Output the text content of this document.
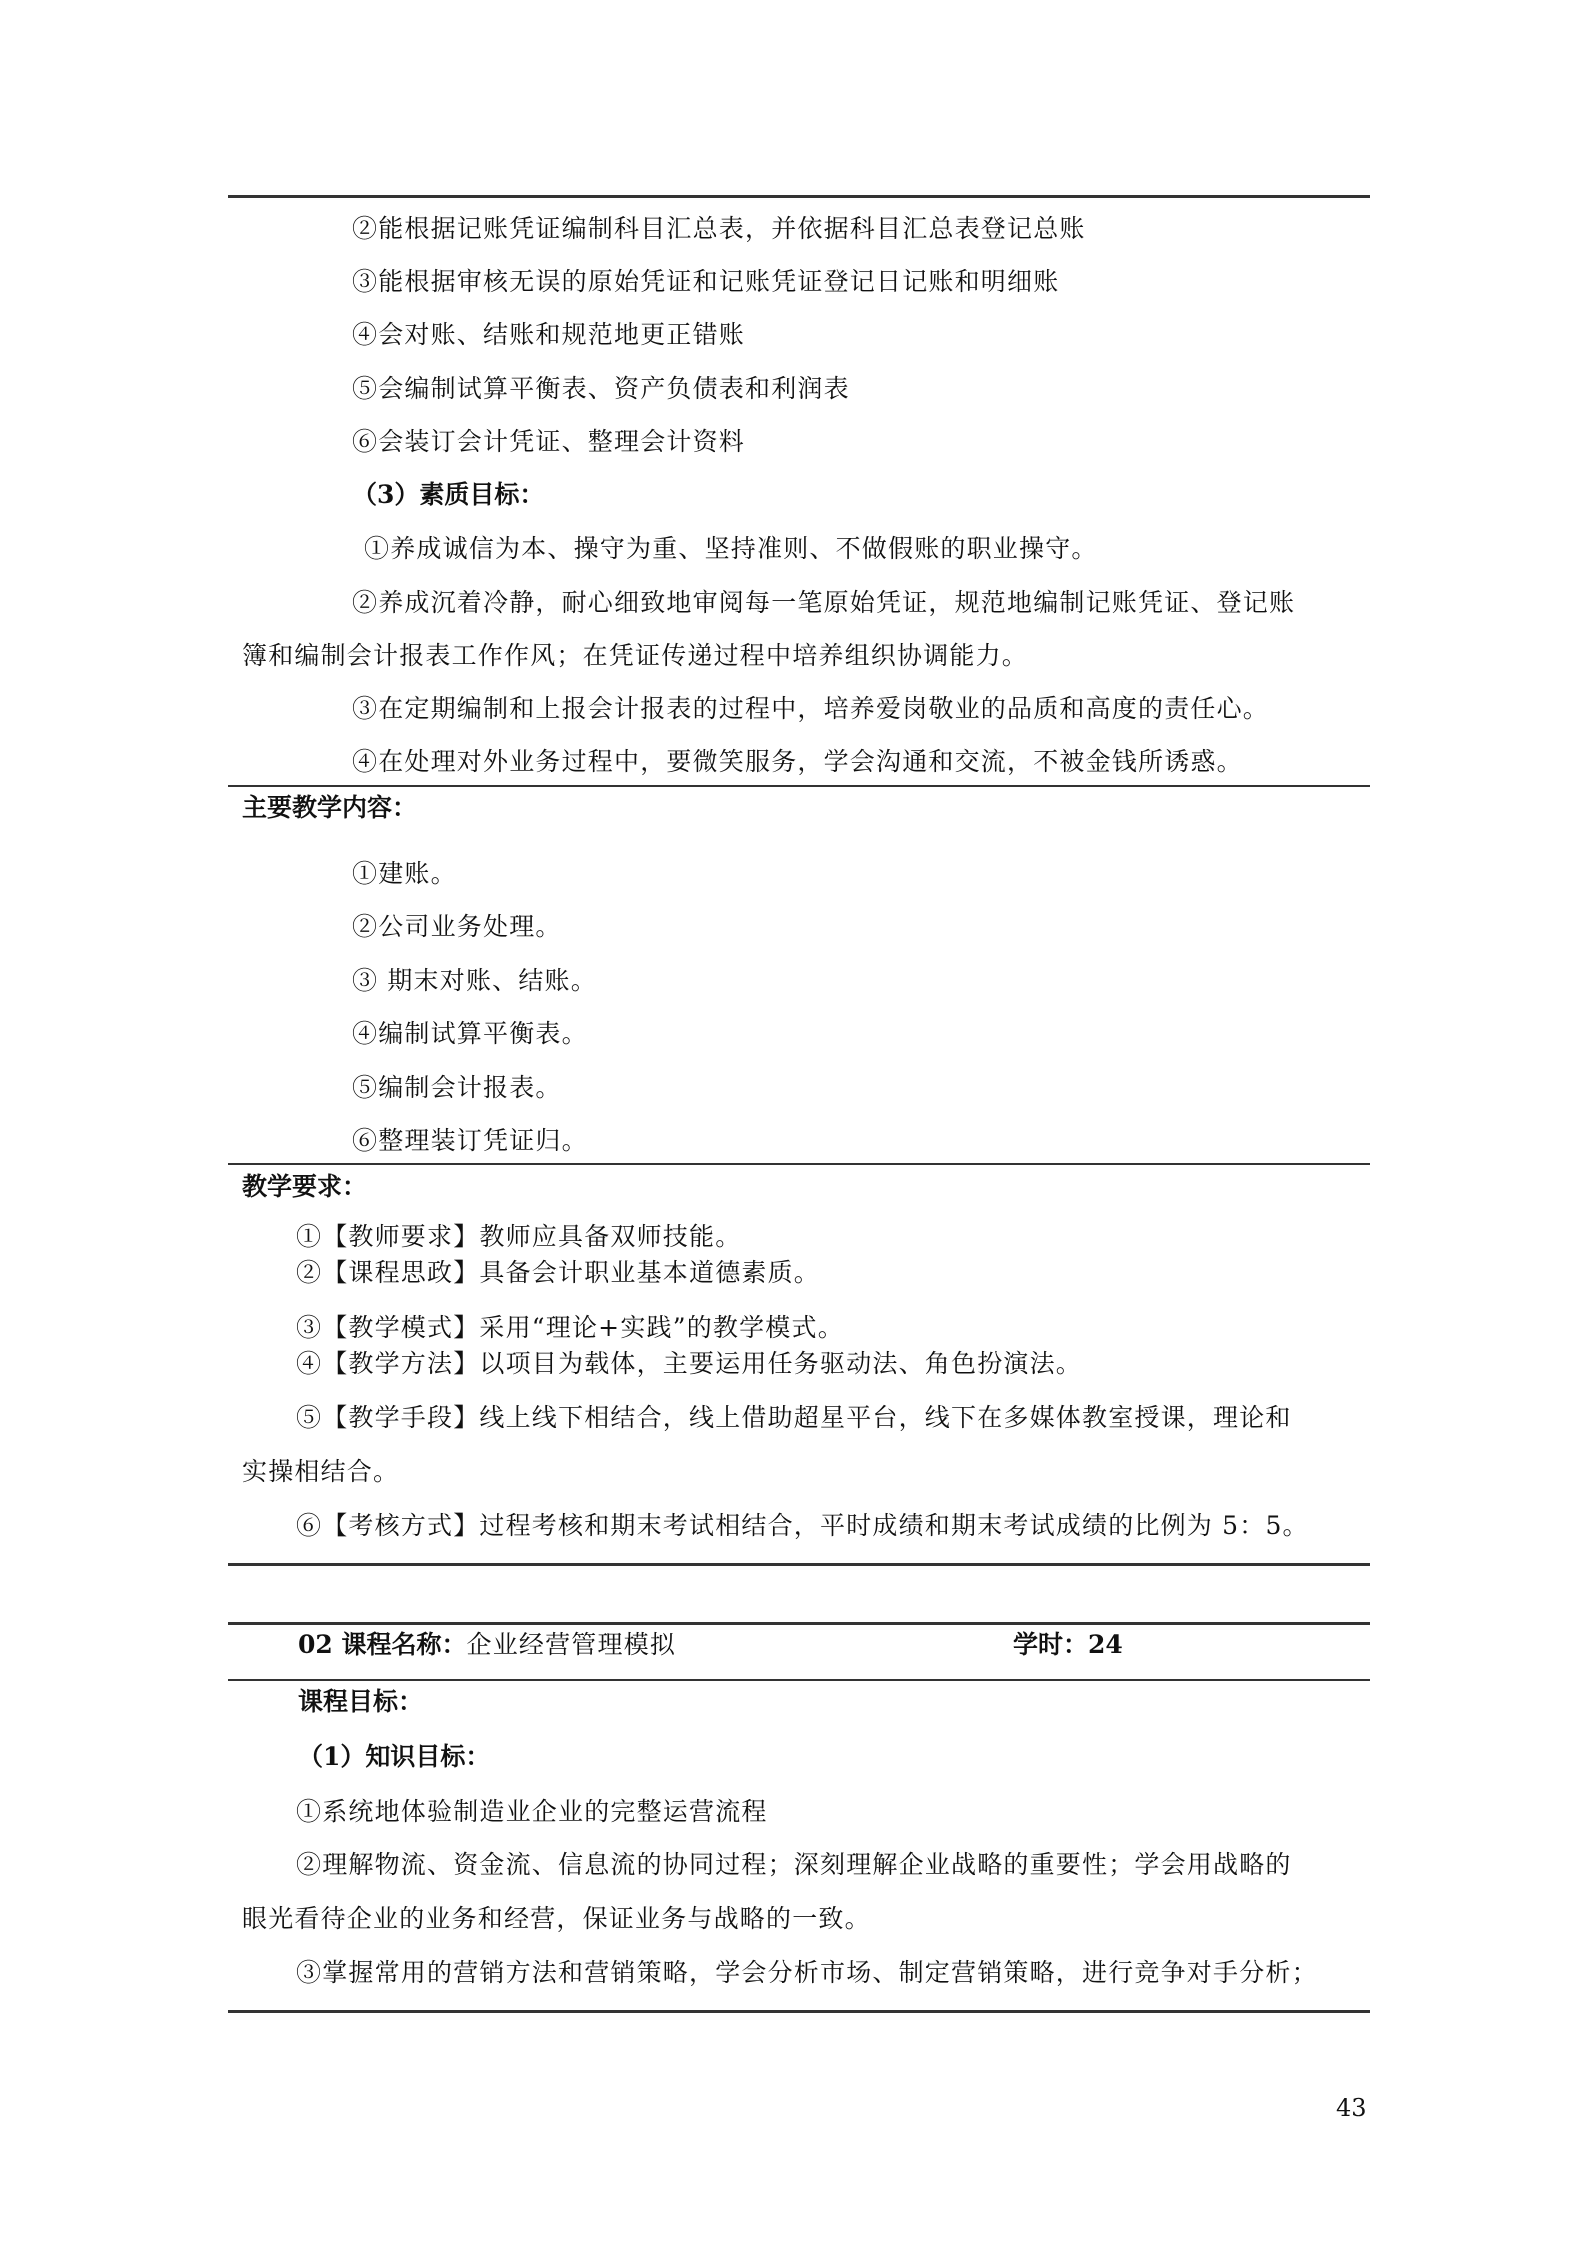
②能根据记账凭证编制科目汇总表，并依据科目汇总表登记总账
③能根据审核无误的原始凭证和记账凭证登记日记账和明细账
④会对账、结账和规范地更正错账
⑤会编制试算平衡表、资产负债表和利润表
⑥会装订会计凭证、整理会计资料
（3）素质目标：
①养成诚信为本、操守为重、坚持准则、不做假账的职业操守。
②养成沉着冷静，耐心细致地审阅每一笔原始凭证，规范地编制记账凭证、登记账
簿和编制会计报表工作作风；在凭证传递过程中培养组织协调能力。
③在定期编制和上报会计报表的过程中，培养爱岗敬业的品质和高度的责任心。
④在处理对外业务过程中，要微笑服务，学会沟通和交流，不被金钱所诱惑。
主要教学内容：
①建账。
②公司业务处理。
③ 期末对账、结账。
④编制试算平衡表。
⑤编制会计报表。
⑥整理装订凭证归。
教学要求：
①【教师要求】教师应具备双师技能。
②【课程思政】具备会计职业基本道德素质。
③【教学模式】采用“理论+实践”的教学模式。
④【教学方法】以项目为载体，主要运用任务驱动法、角色扮演法。
⑤【教学手段】线上线下相结合，线上借助超星平台，线下在多媒体教室授课，理论和
实操相结合。
⑥【考核方式】过程考核和期末考试相结合，平时成绩和期末考试成绩的比例为 5：5。
02 课程名称：企业经营管理模拟	学时：24
课程目标：
（1）知识目标：
①系统地体验制造业企业的完整运营流程
②理解物流、资金流、信息流的协同过程；深刻理解企业战略的重要性；学会用战略的
眼光看待企业的业务和经营，保证业务与战略的一致。
③掌握常用的营销方法和营销策略，学会分析市场、制定营销策略，进行竞争对手分析；
43
